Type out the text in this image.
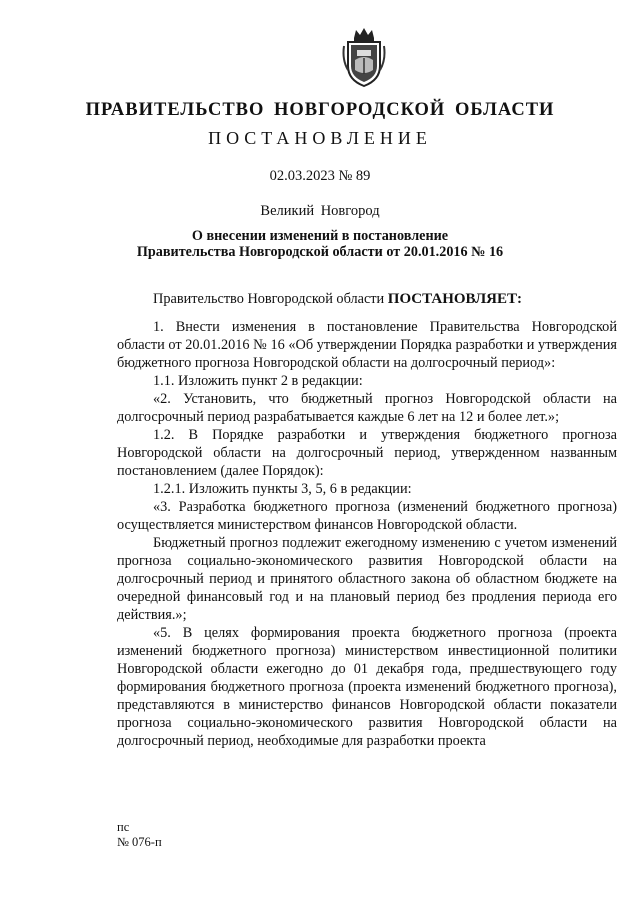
ПРАВИТЕЛЬСТВО НОВГОРОДСКОЙ ОБЛАСТИ
ПОСТАНОВЛЕНИЕ
02.03.2023 № 89
Великий Новгород
О внесении изменений в постановление
Правительства Новгородской области от 20.01.2016 № 16

Правительство Новгородской области ПОСТАНОВЛЯЕТ:

1. Внести изменения в постановление Правительства Новгородской области от 20.01.2016 № 16 «Об утверждении Порядка разработки и утверждения бюджетного прогноза Новгородской области на долгосрочный период»:

1.1. Изложить пункт 2 в редакции:

«2. Установить, что бюджетный прогноз Новгородской области на долгосрочный период разрабатывается каждые 6 лет на 12 и более лет.»;

1.2. В Порядке разработки и утверждения бюджетного прогноза Новгородской области на долгосрочный период, утвержденном названным постановлением (далее Порядок):

1.2.1. Изложить пункты 3, 5, 6 в редакции:

«3. Разработка бюджетного прогноза (изменений бюджетного прогноза) осуществляется министерством финансов Новгородской области.

Бюджетный прогноз подлежит ежегодному изменению с учетом изменений прогноза социально-экономического развития Новгородской области на долгосрочный период и принятого областного закона об областном бюджете на очередной финансовый год и на плановый период без продления периода его действия.»;

«5. В целях формирования проекта бюджетного прогноза (проекта изменений бюджетного прогноза) министерством инвестиционной политики Новгородской области ежегодно до 01 декабря года, предшествующего году формирования бюджетного прогноза (проекта изменений бюджетного прогноза), представляются в министерство финансов Новгородской области показатели прогноза социально-экономического развития Новгородской области на долгосрочный период, необходимые для разработки проекта

пс
№ 076-п
